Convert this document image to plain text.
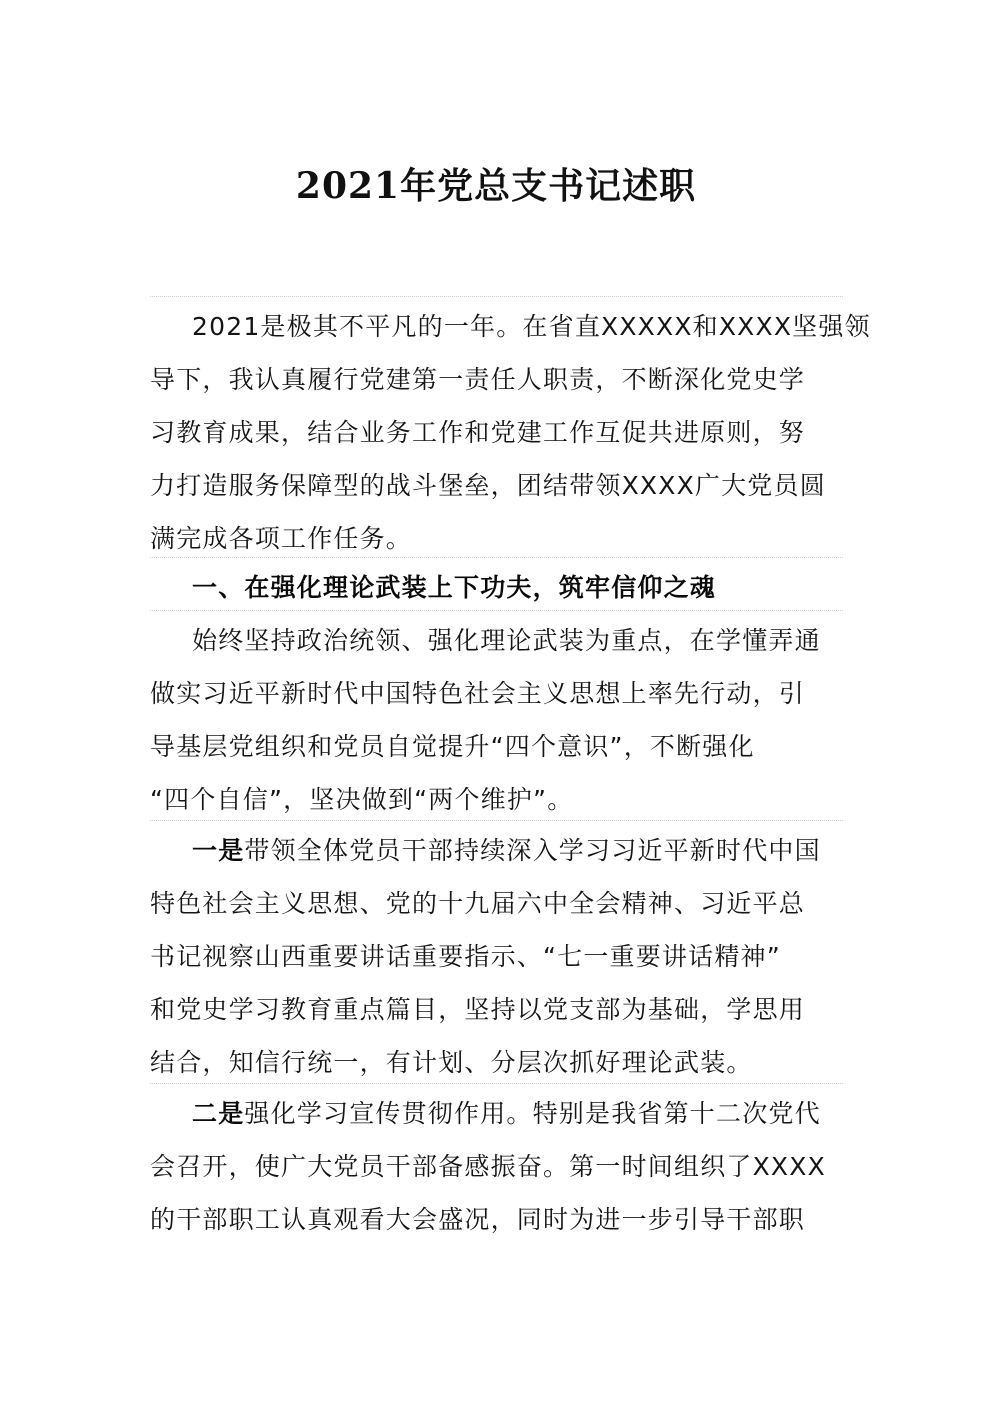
2021年党总支书记述职
2021是极其不平凡的一年。在省直XXXXX和XXXX坚强领
导下，我认真履行党建第一责任人职责，不断深化党史学
习教育成果，结合业务工作和党建工作互促共进原则，努
力打造服务保障型的战斗堡垒，团结带领XXXX广大党员圆
满完成各项工作任务。
一、在强化理论武装上下功夫，筑牢信仰之魂
始终坚持政治统领、强化理论武装为重点，在学懂弄通
做实习近平新时代中国特色社会主义思想上率先行动，引
导基层党组织和党员自觉提升“四个意识”，不断强化
“四个自信”，坚决做到“两个维护”。
一是带领全体党员干部持续深入学习习近平新时代中国
特色社会主义思想、党的十九届六中全会精神、习近平总
书记视察山西重要讲话重要指示、“七一重要讲话精神”
和党史学习教育重点篇目，坚持以党支部为基础，学思用
结合，知信行统一，有计划、分层次抓好理论武装。
二是强化学习宣传贯彻作用。特别是我省第十二次党代
会召开，使广大党员干部备感振奋。第一时间组织了XXXX
的干部职工认真观看大会盛况，同时为进一步引导干部职
